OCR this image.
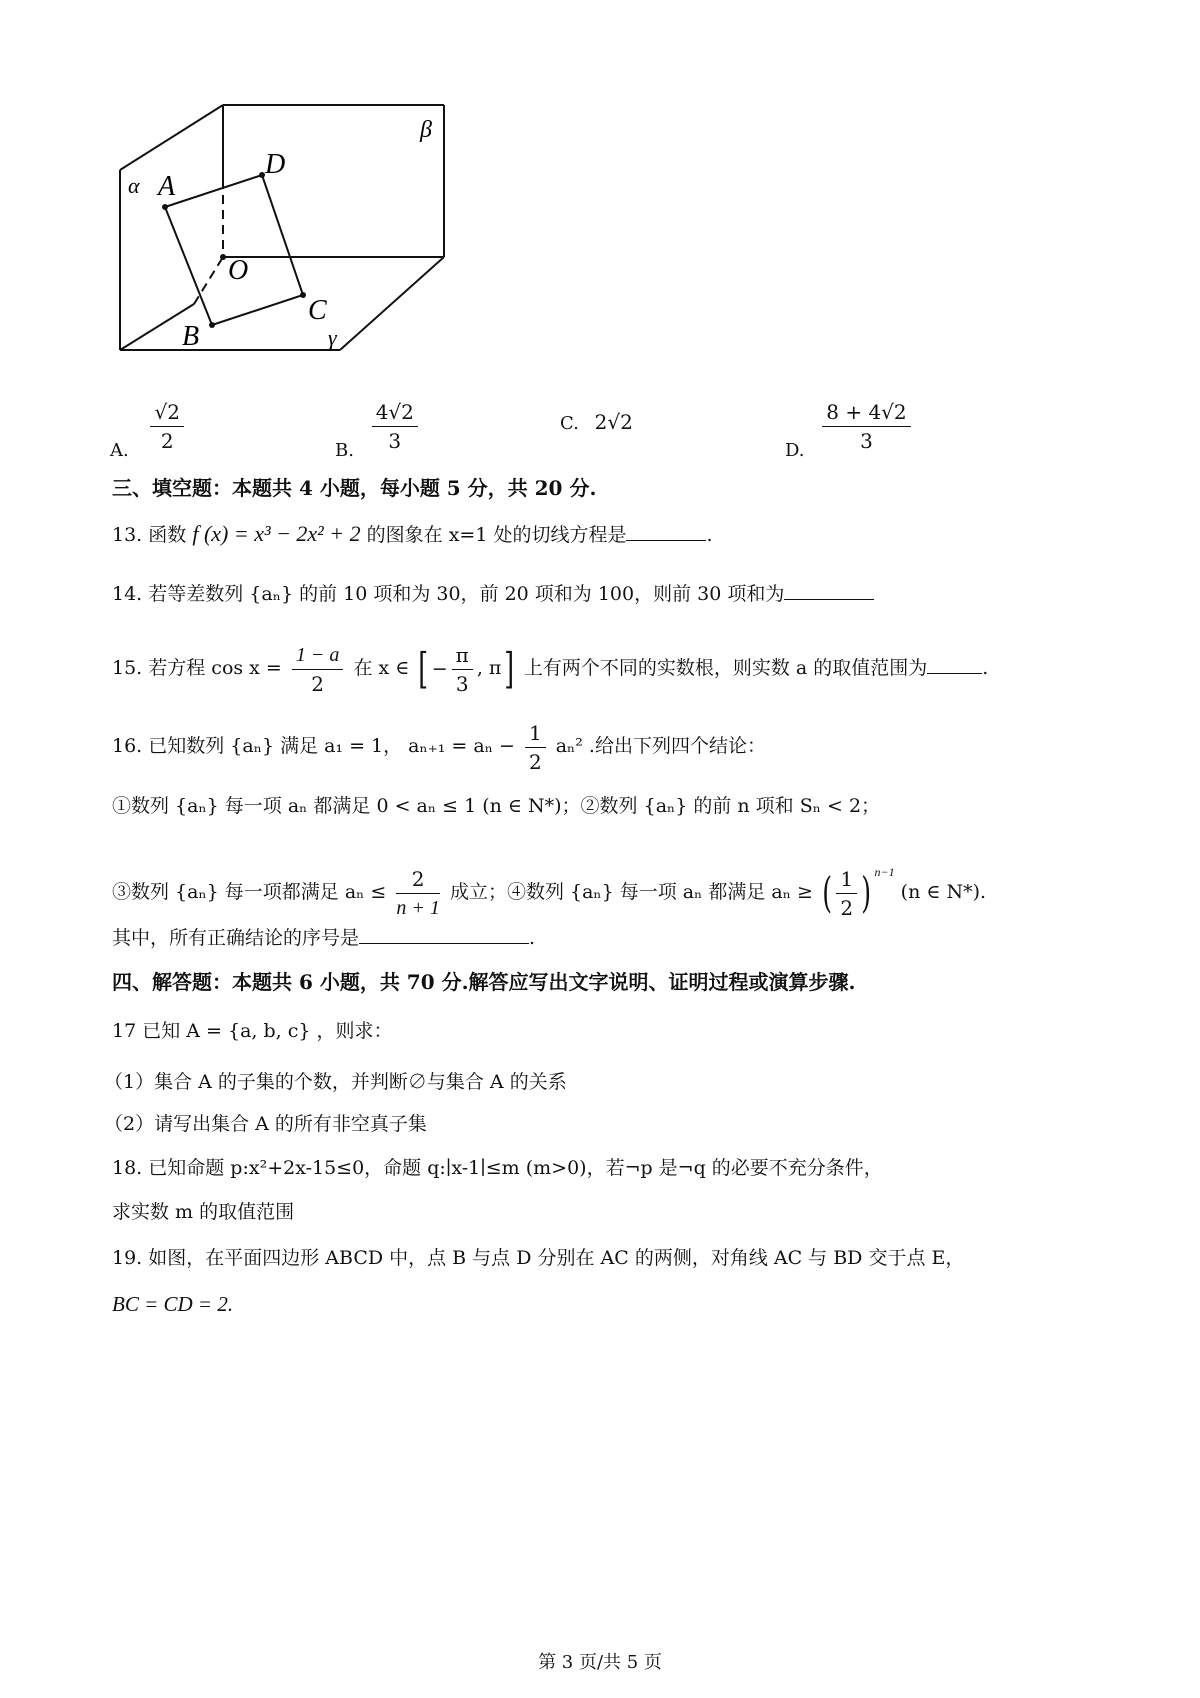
α
β
γ
A
D
O
C
B
A. $\frac{√2}{2}$	B. $\frac{4√2}{3}$	C. 2√2
D. $\frac{8 + 4√2}{3}$
三、填空题：本题共 4 小题，每小题 5 分，共 20 分.
13. 函数 f (x) = x³ − 2x² + 2 的图象在 x=1 处的切线方程是	.
14. 若等差数列 {aₙ} 的前 10 项和为 30，前 20 项和为 100，则前 30 项和为
15. 若方程 $\cos x = \frac{1 - a}{2}$ 在 x ∈ [ − $\frac{\pi}{3}$ , π] 上有两个不同的实数根，则实数 a 的取值范围为	.
16. 已知数列 {aₙ} 满足 a₁ = 1， $a_{n+1} = a_n - \frac{1}{2} a_n^2$ .给出下列四个结论：
①数列 {aₙ} 每一项 aₙ 都满足 0 < aₙ ≤ 1 (n ∈ N*)；②数列 {aₙ} 的前 n 项和 Sₙ < 2；
③数列 {aₙ} 每一项都满足 $a_n \le \frac{2}{n + 1}$ 成立；④数列 {aₙ} 每一项 aₙ 都满足 aₙ ≥ ( $\frac{1}{2}$ ) $^{n-1}$ (n ∈ N*).
其中，所有正确结论的序号是	.
四、解答题：本题共 6 小题，共 70 分.解答应写出文字说明、证明过程或演算步骤.
17 已知 A = {a, b, c} ，则求：
（1）集合 A 的子集的个数，并判断∅与集合 A 的关系
（2）请写出集合 A 的所有非空真子集
18. 已知命题 p:x²+2x-15≤0，命题 q:∣x-1∣≤m (m>0)，若¬p 是¬q 的必要不充分条件，
求实数 m 的取值范围
19. 如图，在平面四边形 ABCD 中，点 B 与点 D 分别在 AC 的两侧，对角线 AC 与 BD 交于点 E，
BC = CD = 2.
第 3 页/共 5 页
